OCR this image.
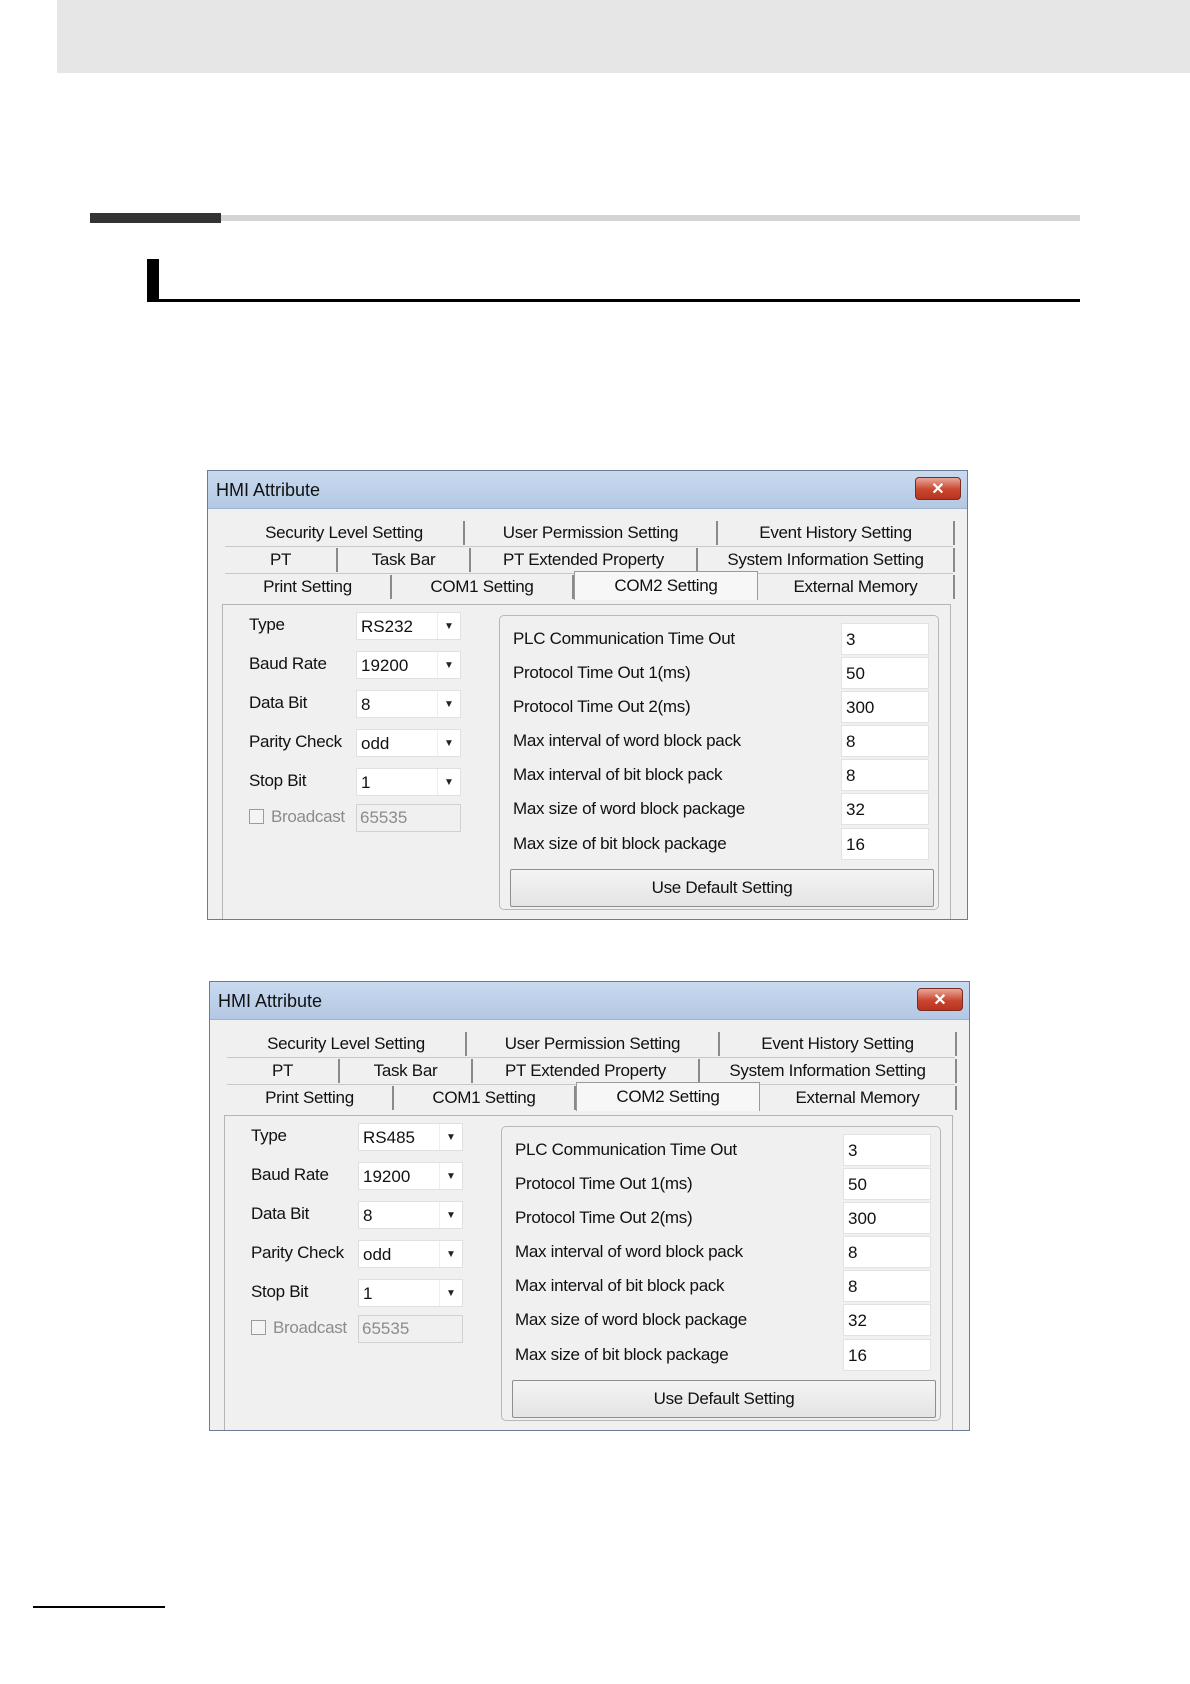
HMI Attribute	✕
Security Level Setting	User Permission Setting	Event History Setting
PT	Task Bar	PT Extended Property	System Information Setting
Print Setting	COM1 Setting	COM2 Setting	External Memory
Type	RS232	▼
Baud Rate 19200	▼
Data Bit	8	▼
Parity Check odd	▼
Stop Bit	1	▼
Broadcast 65535
PLC Communication Time Out	3
Protocol Time Out 1(ms)	50
Protocol Time Out 2(ms)	300
Max interval of word block pack	8
Max interval of bit block pack	8
Max size of word block package	32
Max size of bit block package	16
Use Default Setting
HMI Attribute	✕
Security Level Setting	User Permission Setting	Event History Setting
PT	Task Bar	PT Extended Property	System Information Setting
Print Setting	COM1 Setting	COM2 Setting	External Memory
Type	RS485	▼
Baud Rate 19200	▼
Data Bit	8	▼
Parity Check odd	▼
Stop Bit	1	▼
Broadcast 65535
PLC Communication Time Out	3
Protocol Time Out 1(ms)	50
Protocol Time Out 2(ms)	300
Max interval of word block pack	8
Max interval of bit block pack	8
Max size of word block package	32
Max size of bit block package	16
Use Default Setting
